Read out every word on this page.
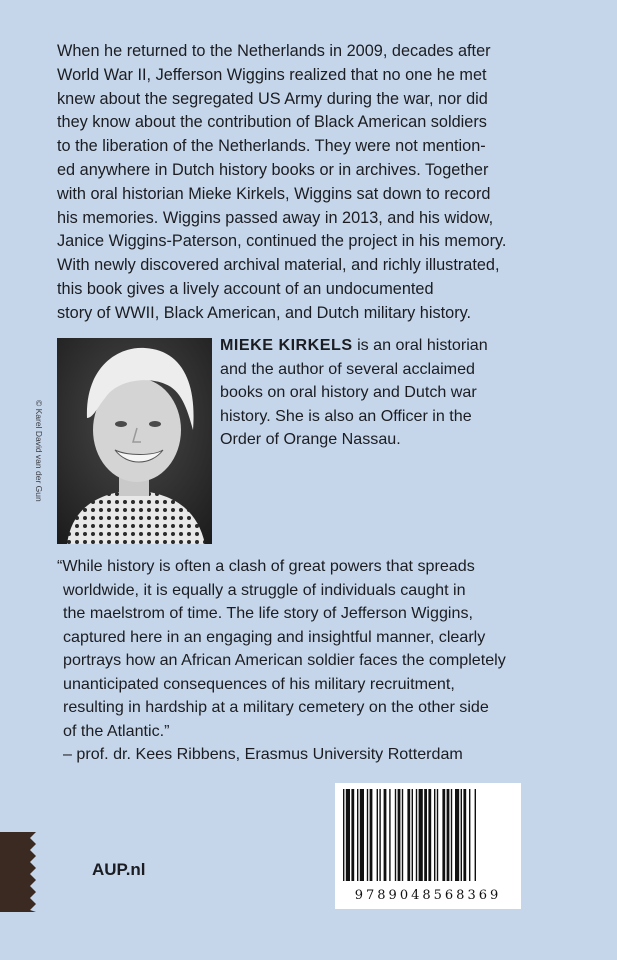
When he returned to the Netherlands in 2009, decades after
World War II, Jefferson Wiggins realized that no one he met
knew about the segregated US Army during the war, nor did
they know about the contribution of Black American soldiers
to the liberation of the Netherlands. They were not mention-
ed anywhere in Dutch history books or in archives. Together
with oral historian Mieke Kirkels, Wiggins sat down to record
his memories. Wiggins passed away in 2013, and his widow,
Janice Wiggins-Paterson, continued the project in his memory.
With newly discovered archival material, and richly illustrated,
this book gives a lively account of an undocumented
story of WWII, Black American, and Dutch military history.
© Karel David van der Gun
MIEKE KIRKELS is an oral historian
and the author of several acclaimed
books on oral history and Dutch war
history. She is also an Officer in the
Order of Orange Nassau.
“While history is often a clash of great powers that spreads
worldwide, it is equally a struggle of individuals caught in
the maelstrom of time. The life story of Jefferson Wiggins,
captured here in an engaging and insightful manner, clearly
portrays how an African American soldier faces the completely
unanticipated consequences of his military recruitment,
resulting in hardship at a military cemetery on the other side
of the Atlantic.”
– prof. dr. Kees Ribbens, Erasmus University Rotterdam
9789048568369
AUP.nl
